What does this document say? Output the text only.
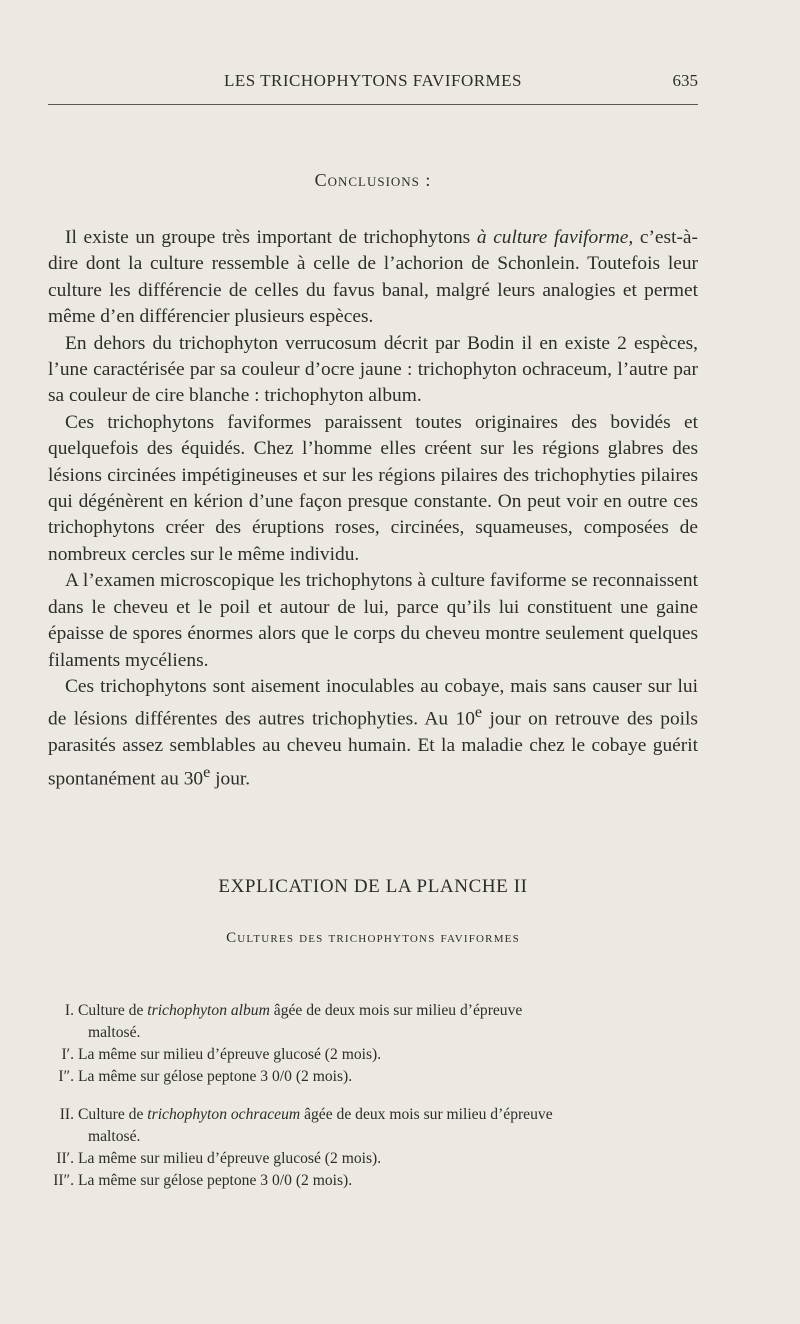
LES TRICHOPHYTONS FAVIFORMES	635
Conclusions :

Il existe un groupe très important de trichophytons à culture faviforme, c’est-à-dire dont la culture ressemble à celle de l’achorion de Schonlein. Toutefois leur culture les différencie de celles du favus banal, malgré leurs analogies et permet même d’en différencier plusieurs espèces.

En dehors du trichophyton verrucosum décrit par Bodin il en existe 2 espèces, l’une caractérisée par sa couleur d’ocre jaune : trichophyton ochraceum, l’autre par sa couleur de cire blanche : trichophyton album.

Ces trichophytons faviformes paraissent toutes originaires des bovidés et quelquefois des équidés. Chez l’homme elles créent sur les régions glabres des lésions circinées impétigineuses et sur les régions pilaires des trichophyties pilaires qui dégénèrent en kérion d’une façon presque constante. On peut voir en outre ces trichophytons créer des éruptions roses, circinées, squameuses, composées de nombreux cercles sur le même individu.

A l’examen microscopique les trichophytons à culture faviforme se reconnaissent dans le cheveu et le poil et autour de lui, parce qu’ils lui constituent une gaine épaisse de spores énormes alors que le corps du cheveu montre seulement quelques filaments mycéliens.

Ces trichophytons sont aisement inoculables au cobaye, mais sans causer sur lui de lésions différentes des autres trichophyties. Au 10e jour on retrouve des poils parasités assez semblables au cheveu humain. Et la maladie chez le cobaye guérit spontanément au 30e jour.

EXPLICATION DE LA PLANCHE II
Cultures des trichophytons faviformes
I. Culture de trichophyton album âgée de deux mois sur milieu d’épreuve
maltosé.
I′. La même sur milieu d’épreuve glucosé (2 mois).
I″. La même sur gélose peptone 3 0/0 (2 mois).
II. Culture de trichophyton ochraceum âgée de deux mois sur milieu d’épreuve
maltosé.
II′. La même sur milieu d’épreuve glucosé (2 mois).
II″. La même sur gélose peptone 3 0/0 (2 mois).
